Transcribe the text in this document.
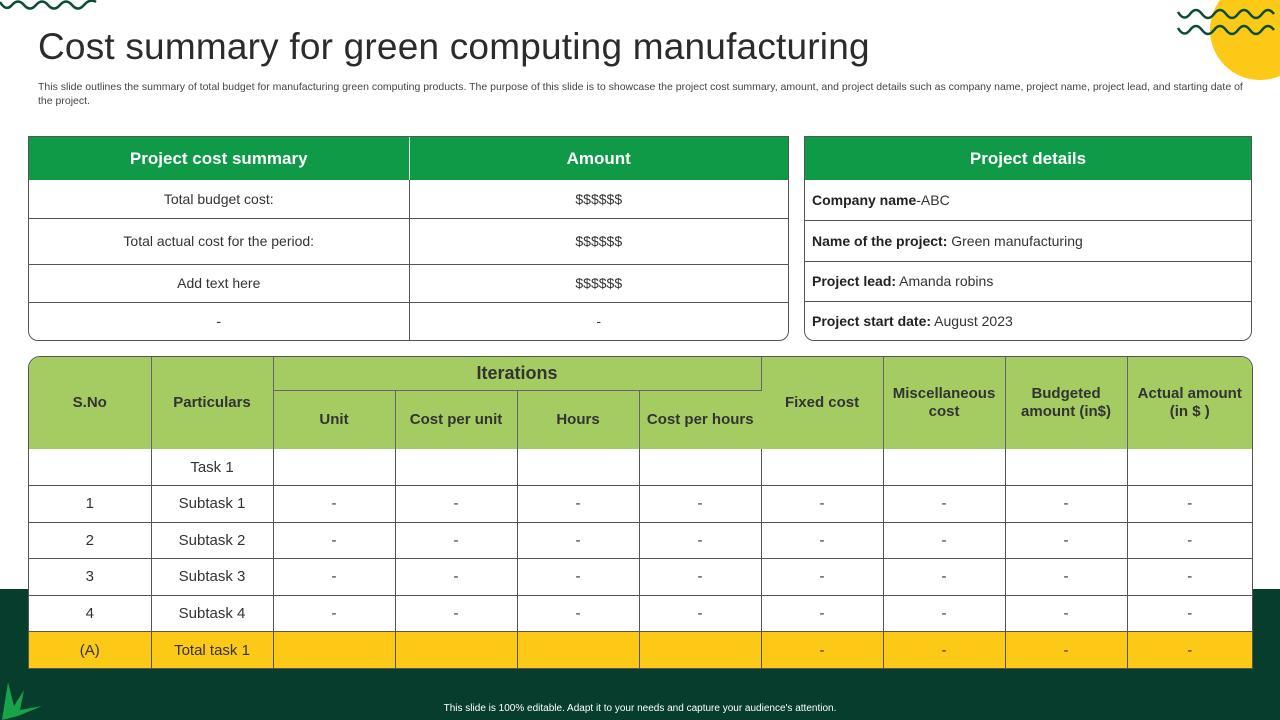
Cost summary for green computing manufacturing

This slide outlines the summary of total budget for manufacturing green computing products. The purpose of this slide is to showcase the project cost summary, amount, and project details such as company name, project name, project lead, and starting date of the project.

Project cost summary	Amount
Total budget cost:	$$$$$$
Total actual cost for the period:	$$$$$$
Add text here	$$$$$$
-	-
Project details
Company name -ABC
Name of the project: Green manufacturing
Project lead: Amanda robins
Project start date: August 2023
S.No	Particulars	Iterations				Fixed cost	Miscellaneous cost	Budgeted amount (in$)	Actual amount (in $ )
		Unit	Cost per unit	Hours	Cost per hours				
	Task 1								
1	Subtask 1	-	-	-	-	-	-	-	-
2	Subtask 2	-	-	-	-	-	-	-	-
3	Subtask 3	-	-	-	-	-	-	-	-
4	Subtask 4	-	-	-	-	-	-	-	-
(A)	Total task 1					-	-	-	-
This slide is 100% editable. Adapt it to your needs and capture your audience's attention.
